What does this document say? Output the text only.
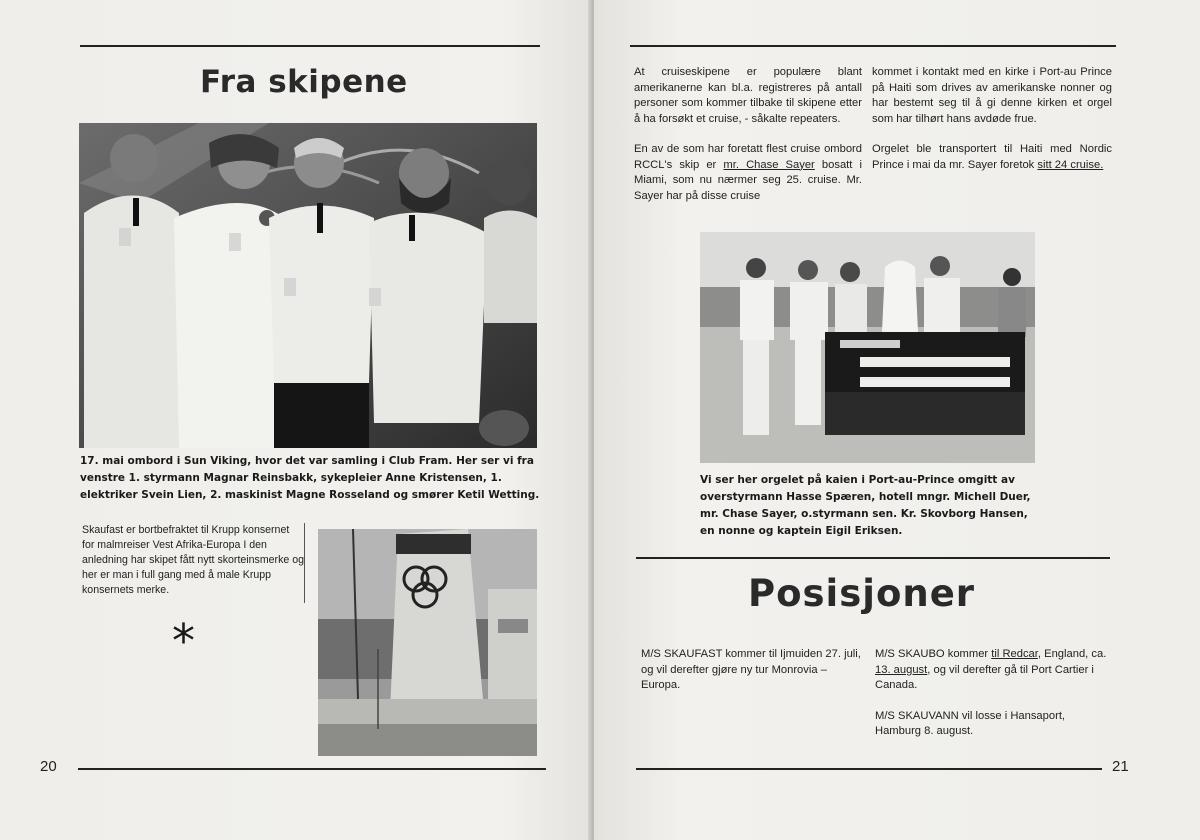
Fra skipene
17. mai ombord i Sun Viking, hvor det var samling i Club Fram. Her ser vi fra venstre 1. styrmann Magnar Reinsbakk, sykepleier Anne Kristensen, 1. elektriker Svein Lien, 2. maskinist Magne Rosseland og smører Ketil Wetting.
Skaufast er bortbefraktet til Krupp konsernet for malmreiser Vest Afrika-Europa I den anledning har skipet fått nytt skorteinsmerke og her er man i full gang med å male Krupp konsernets merke.
*
20
At cruiseskipene er populære blant amerikanerne kan bl.a. registreres på antall personer som kommer tilbake til skipene etter å ha forsøkt et cruise, - såkalte repeaters.
En av de som har foretatt flest cruise ombord RCCL's skip er mr. Chase Sayer bosatt i Miami, som nu nærmer seg 25. cruise. Mr. Sayer har på disse cruise
kommet i kontakt med en kirke i Port-au Prince på Haiti som drives av amerikanske nonner og har bestemt seg til å gi denne kirken et orgel som har tilhørt hans avdøde frue.
Orgelet ble transportert til Haiti med Nordic Prince i mai da mr. Sayer foretok sitt 24 cruise.
Vi ser her orgelet på kaien i Port-au-Prince omgitt av overstyrmann Hasse Spæren, hotell mngr. Michell Duer, mr. Chase Sayer, o.styrmann sen. Kr. Skovborg Hansen, en nonne og kaptein Eigil Eriksen.
Posisjoner
M/S SKAUFAST kommer til Ijmuiden 27. juli, og vil derefter gjøre ny tur Monrovia – Europa.
M/S SKAUBO kommer til Redcar, England, ca. 13. august, og vil derefter gå til Port Cartier i Canada.
M/S SKAUVANN vil losse i Hansaport, Hamburg 8. august.
21
